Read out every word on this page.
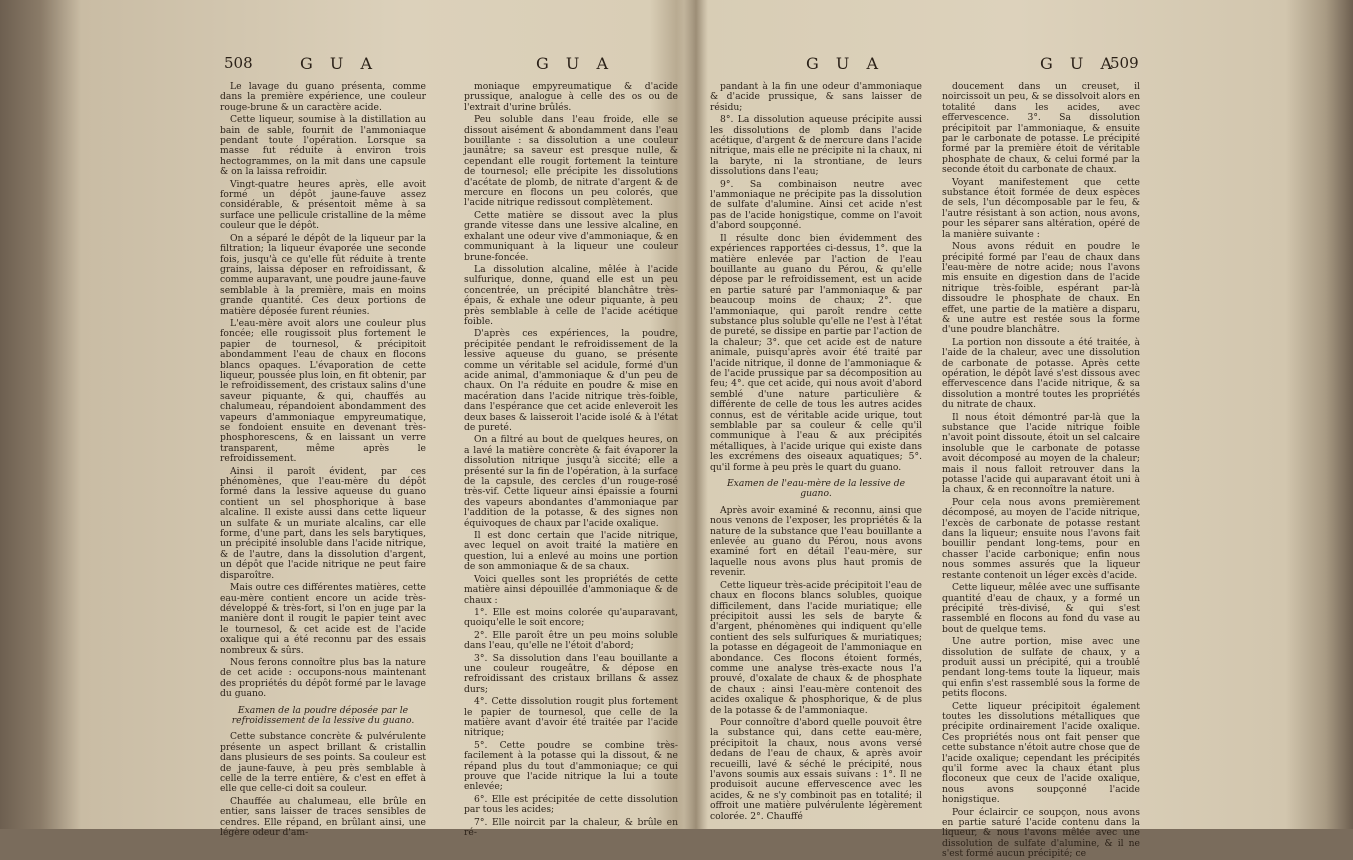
508	G U A	G U A

Le lavage du guano présenta, comme dans la première expérience, une couleur rouge-brune & un caractère acide.

Cette liqueur, soumise à la distillation au bain de sable, fournit de l'ammoniaque pendant toute l'opération. Lorsque sa masse fut réduite à environ trois hectogrammes, on la mit dans une capsule & on la laissa refroidir.

Vingt-quatre heures après, elle avoit formé un dépôt jaune-fauve assez considérable, & présentoit même à sa surface une pellicule cristalline de la même couleur que le dépôt.

On a séparé le dépôt de la liqueur par la filtration; la liqueur évaporée une seconde fois, jusqu'à ce qu'elle fût réduite à trente grains, laissa déposer en refroidissant, & comme auparavant, une poudre jaune-fauve semblable à la première, mais en moins grande quantité. Ces deux portions de matière déposée furent réunies.

L'eau-mère avoit alors une couleur plus foncée; elle rougissoit plus fortement le papier de tournesol, & précipitoit abondamment l'eau de chaux en flocons blancs opaques. L'évaporation de cette liqueur, poussée plus loin, en fit obtenir, par le refroidissement, des cristaux salins d'une saveur piquante, & qui, chauffés au chalumeau, répandoient abondamment des vapeurs d'ammoniaque empyreumatique, se fondoient ensuite en devenant très-phosphorescens, & en laissant un verre transparent, même après le refroidissement.

Ainsi il paroît évident, par ces phénomènes, que l'eau-mère du dépôt formé dans la lessive aqueuse du guano contient un sel phosphorique à base alcaline. Il existe aussi dans cette liqueur un sulfate & un muriate alcalins, car elle forme, d'une part, dans les sels barytiques, un précipité insoluble dans l'acide nitrique, & de l'autre, dans la dissolution d'argent, un dépôt que l'acide nitrique ne peut faire disparoître.

Mais outre ces différentes matières, cette eau-mère contient encore un acide très-développé & très-fort, si l'on en juge par la manière dont il rougit le papier teint avec le tournesol, & cet acide est de l'acide oxalique qui a été reconnu par des essais nombreux & sûrs.

Nous ferons connoître plus bas la nature de cet acide : occupons-nous maintenant des propriétés du dépôt formé par le lavage du guano.

Examen de la poudre déposée par le refroidissement de la lessive du guano.

Cette substance concrète & pulvérulente présente un aspect brillant & cristallin dans plusieurs de ses points. Sa couleur est de jaune-fauve, à peu près semblable à celle de la terre entière, & c'est en effet à elle que celle-ci doit sa couleur.

Chauffée au chalumeau, elle brûle en entier, sans laisser de traces sensibles de cendres. Elle répand, en brûlant ainsi, une légère odeur d'am-

moniaque empyreumatique & d'acide prussique, analogue à celle des os ou de l'extrait d'urine brûlés.

Peu soluble dans l'eau froide, elle se dissout aisément & abondamment dans l'eau bouillante : sa dissolution a une couleur jaunâtre; sa saveur est presque nulle, & cependant elle rougit fortement la teinture de tournesol; elle précipite les dissolutions d'acétate de plomb, de nitrate d'argent & de mercure en flocons un peu colorés, que l'acide nitrique redissout complètement.

Cette matière se dissout avec la plus grande vitesse dans une lessive alcaline, en exhalant une odeur vive d'ammoniaque, & en communiquant à la liqueur une couleur brune-foncée.

La dissolution alcaline, mêlée à l'acide sulfurique, donne, quand elle est un peu concentrée, un précipité blanchâtre très-épais, & exhale une odeur piquante, à peu près semblable à celle de l'acide acétique foible.

D'après ces expériences, la poudre, précipitée pendant le refroidissement de la lessive aqueuse du guano, se présente comme un véritable sel acidule, formé d'un acide animal, d'ammoniaque & d'un peu de chaux. On l'a réduite en poudre & mise en macération dans l'acide nitrique très-foible, dans l'espérance que cet acide enleveroit les deux bases & laisseroit l'acide isolé & à l'état de pureté.

On a filtré au bout de quelques heures, on a lavé la matière concrète & fait évaporer la dissolution nitrique jusqu'à siccité; elle a présenté sur la fin de l'opération, à la surface de la capsule, des cercles d'un rouge-rosé très-vif. Cette liqueur ainsi épaissie a fourni des vapeurs abondantes d'ammoniaque par l'addition de la potasse, & des signes non équivoques de chaux par l'acide oxalique.

Il est donc certain que l'acide nitrique, avec lequel on avoit traité la matière en question, lui a enlevé au moins une portion de son ammoniaque & de sa chaux.

Voici quelles sont les propriétés de cette matière ainsi dépouillée d'ammoniaque & de chaux :

1°. Elle est moins colorée qu'auparavant, quoiqu'elle le soit encore;

2°. Elle paroît être un peu moins soluble dans l'eau, qu'elle ne l'étoit d'abord;

3°. Sa dissolution dans l'eau bouillante a une couleur rougeâtre, & dépose en refroidissant des cristaux brillans & assez durs;

4°. Cette dissolution rougit plus fortement le papier de tournesol, que celle de la matière avant d'avoir été traitée par l'acide nitrique;

5°. Cette poudre se combine très-facilement à la potasse qui la dissout, & ne répand plus du tout d'ammoniaque; ce qui prouve que l'acide nitrique la lui a toute enlevée;

6°. Elle est précipitée de cette dissolution par tous les acides;

7°. Elle noircit par la chaleur, & brûle en ré-

G U A	G U A
509

pandant à la fin une odeur d'ammoniaque & d'acide prussique, & sans laisser de résidu;

8°. La dissolution aqueuse précipite aussi les dissolutions de plomb dans l'acide acétique, d'argent & de mercure dans l'acide nitrique, mais elle ne précipite ni la chaux, ni la baryte, ni la strontiane, de leurs dissolutions dans l'eau;

9°. Sa combinaison neutre avec l'ammoniaque ne précipite pas la dissolution de sulfate d'alumine. Ainsi cet acide n'est pas de l'acide honigstique, comme on l'avoit d'abord soupçonné.

Il résulte donc bien évidemment des expériences rapportées ci-dessus, 1°. que la matière enlevée par l'action de l'eau bouillante au guano du Pérou, & qu'elle dépose par le refroidissement, est un acide en partie saturé par l'ammoniaque & par beaucoup moins de chaux; 2°. que l'ammoniaque, qui paroît rendre cette substance plus soluble qu'elle ne l'est à l'état de pureté, se dissipe en partie par l'action de la chaleur; 3°. que cet acide est de nature animale, puisqu'après avoir été traité par l'acide nitrique, il donne de l'ammoniaque & de l'acide prussique par sa décomposition au feu; 4°. que cet acide, qui nous avoit d'abord semblé d'une nature particulière & différente de celle de tous les autres acides connus, est de véritable acide urique, tout semblable par sa couleur & celle qu'il communique à l'eau & aux précipités métalliques, à l'acide urique qui existe dans les excrémens des oiseaux aquatiques; 5°. qu'il forme à peu près le quart du guano.

Examen de l'eau-mère de la lessive de guano.

Après avoir examiné & reconnu, ainsi que nous venons de l'exposer, les propriétés & la nature de la substance que l'eau bouillante a enlevée au guano du Pérou, nous avons examiné fort en détail l'eau-mère, sur laquelle nous avons plus haut promis de revenir.

Cette liqueur très-acide précipitoit l'eau de chaux en flocons blancs solubles, quoique difficilement, dans l'acide muriatique; elle précipitoit aussi les sels de baryte & d'argent, phénomènes qui indiquent qu'elle contient des sels sulfuriques & muriatiques; la potasse en dégageoit de l'ammoniaque en abondance. Ces flocons étoient formés, comme une analyse très-exacte nous l'a prouvé, d'oxalate de chaux & de phosphate de chaux : ainsi l'eau-mère contenoit des acides oxalique & phosphorique, & de plus de la potasse & de l'ammoniaque.

Pour connoître d'abord quelle pouvoit être la substance qui, dans cette eau-mère, précipitoit la chaux, nous avons versé dedans de l'eau de chaux, & après avoir recueilli, lavé & séché le précipité, nous l'avons soumis aux essais suivans : 1°. Il ne produisoit aucune effervescence avec les acides, & ne s'y combinoit pas en totalité; il offroit une matière pulvérulente légèrement colorée. 2°. Chauffé

doucement dans un creuset, il noircissoit un peu, & se dissolvoit alors en totalité dans les acides, avec effervescence. 3°. Sa dissolution précipitoit par l'ammoniaque, & ensuite par le carbonate de potasse. Le précipité formé par la première étoit de véritable phosphate de chaux, & celui formé par la seconde étoit du carbonate de chaux.

Voyant manifestement que cette substance étoit formée de deux espèces de sels, l'un décomposable par le feu, & l'autre résistant à son action, nous avons, pour les séparer sans altération, opéré de la manière suivante :

Nous avons réduit en poudre le précipité formé par l'eau de chaux dans l'eau-mère de notre acide; nous l'avons mis ensuite en digestion dans de l'acide nitrique très-foible, espérant par-là dissoudre le phosphate de chaux. En effet, une partie de la matière a disparu, & une autre est restée sous la forme d'une poudre blanchâtre.

La portion non dissoute a été traitée, à l'aide de la chaleur, avec une dissolution de carbonate de potasse. Après cette opération, le dépôt lavé s'est dissous avec effervescence dans l'acide nitrique, & sa dissolution a montré toutes les propriétés du nitrate de chaux.

Il nous étoit démontré par-là que la substance que l'acide nitrique foible n'avoit point dissoute, étoit un sel calcaire insoluble que le carbonate de potasse avoit décomposé au moyen de la chaleur; mais il nous falloit retrouver dans la potasse l'acide qui auparavant étoit uni à la chaux, & en reconnoître la nature.

Pour cela nous avons premièrement décomposé, au moyen de l'acide nitrique, l'excès de carbonate de potasse restant dans la liqueur; ensuite nous l'avons fait bouillir pendant long-tems, pour en chasser l'acide carbonique; enfin nous nous sommes assurés que la liqueur restante contenoit un léger excès d'acide.

Cette liqueur, mêlée avec une suffisante quantité d'eau de chaux, y a formé un précipité très-divisé, & qui s'est rassemblé en flocons au fond du vase au bout de quelque tems.

Une autre portion, mise avec une dissolution de sulfate de chaux, y a produit aussi un précipité, qui a troublé pendant long-tems toute la liqueur, mais qui enfin s'est rassemblé sous la forme de petits flocons.

Cette liqueur précipitoit également toutes les dissolutions métalliques que précipite ordinairement l'acide oxalique. Ces propriétés nous ont fait penser que cette substance n'étoit autre chose que de l'acide oxalique; cependant les précipités qu'il forme avec la chaux étant plus floconeux que ceux de l'acide oxalique, nous avons soupçonné l'acide honigstique.

Pour éclaircir ce soupçon, nous avons en partie saturé l'acide contenu dans la liqueur, & nous l'avons mêlée avec une dissolution de sulfate d'alumine, & il ne s'est formé aucun précipité; ce
